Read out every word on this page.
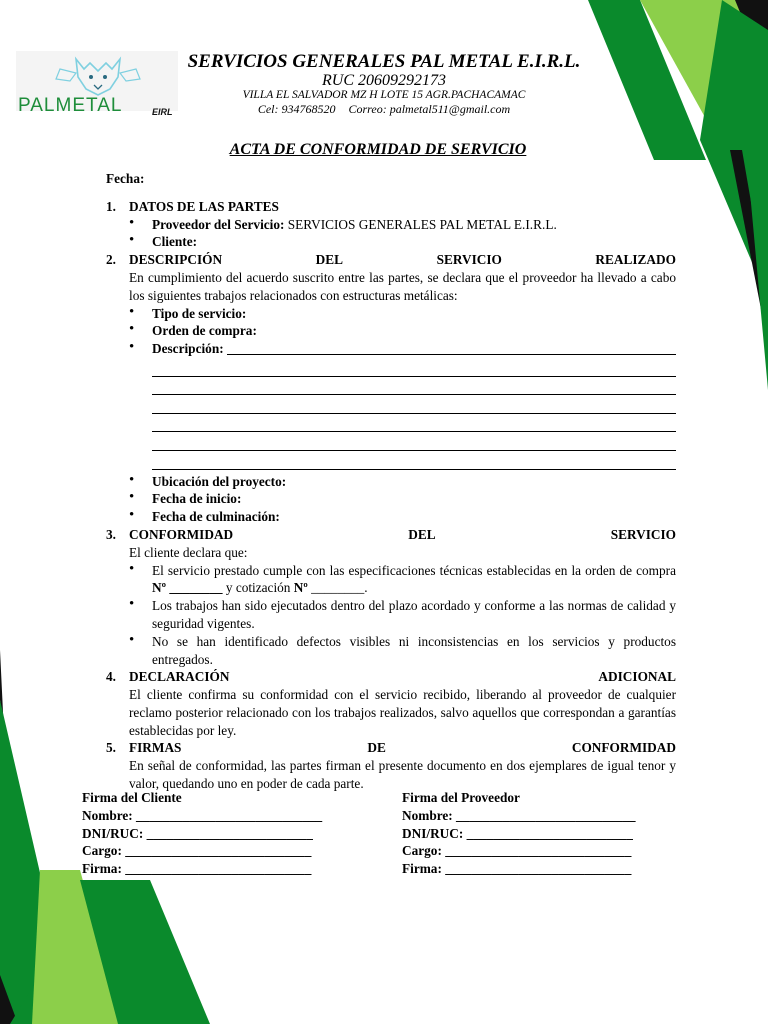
PALMETAL	EIRL
SERVICIOS GENERALES PAL METAL E.I.R.L.
RUC 20609292173
VILLA EL SALVADOR MZ H LOTE 15 AGR.PACHACAMAC
Cel: 934768520 Correo: palmetal511@gmail.com
ACTA DE CONFORMIDAD DE SERVICIO
Fecha:
1. DATOS DE LAS PARTES
• Proveedor del Servicio: SERVICIOS GENERALES PAL METAL E.I.R.L.
• Cliente:
2. DESCRIPCIÓN	DEL	SERVICIO	REALIZADO
En cumplimiento del acuerdo suscrito entre las partes, se declara que el proveedor ha llevado a cabo los siguientes trabajos relacionados con estructuras metálicas:
• Tipo de servicio:
• Orden de compra:
• Descripción:
• Ubicación del proyecto:
• Fecha de inicio:
• Fecha de culminación:
3. CONFORMIDAD	DEL	SERVICIO
El cliente declara que:
• El servicio prestado cumple con las especificaciones técnicas establecidas en la orden de compra Nº ________ y cotización Nº ________.
• Los trabajos han sido ejecutados dentro del plazo acordado y conforme a las normas de calidad y seguridad vigentes.
• No se han identificado defectos visibles ni inconsistencias en los servicios y productos entregados.
4. DECLARACIÓN	ADICIONAL
El cliente confirma su conformidad con el servicio recibido, liberando al proveedor de cualquier reclamo posterior relacionado con los trabajos realizados, salvo aquellos que correspondan a garantías establecidas por ley.
5. FIRMAS	DE	CONFORMIDAD
En señal de conformidad, las partes firman el presente documento en dos ejemplares de igual tenor y valor, quedando uno en poder de cada parte.
Firma del Cliente
Nombre: ____________________________
DNI/RUC: _________________________
Cargo: ____________________________
Firma: ____________________________
Firma del Proveedor
Nombre: ___________________________
DNI/RUC: _________________________
Cargo: ____________________________
Firma: ____________________________
